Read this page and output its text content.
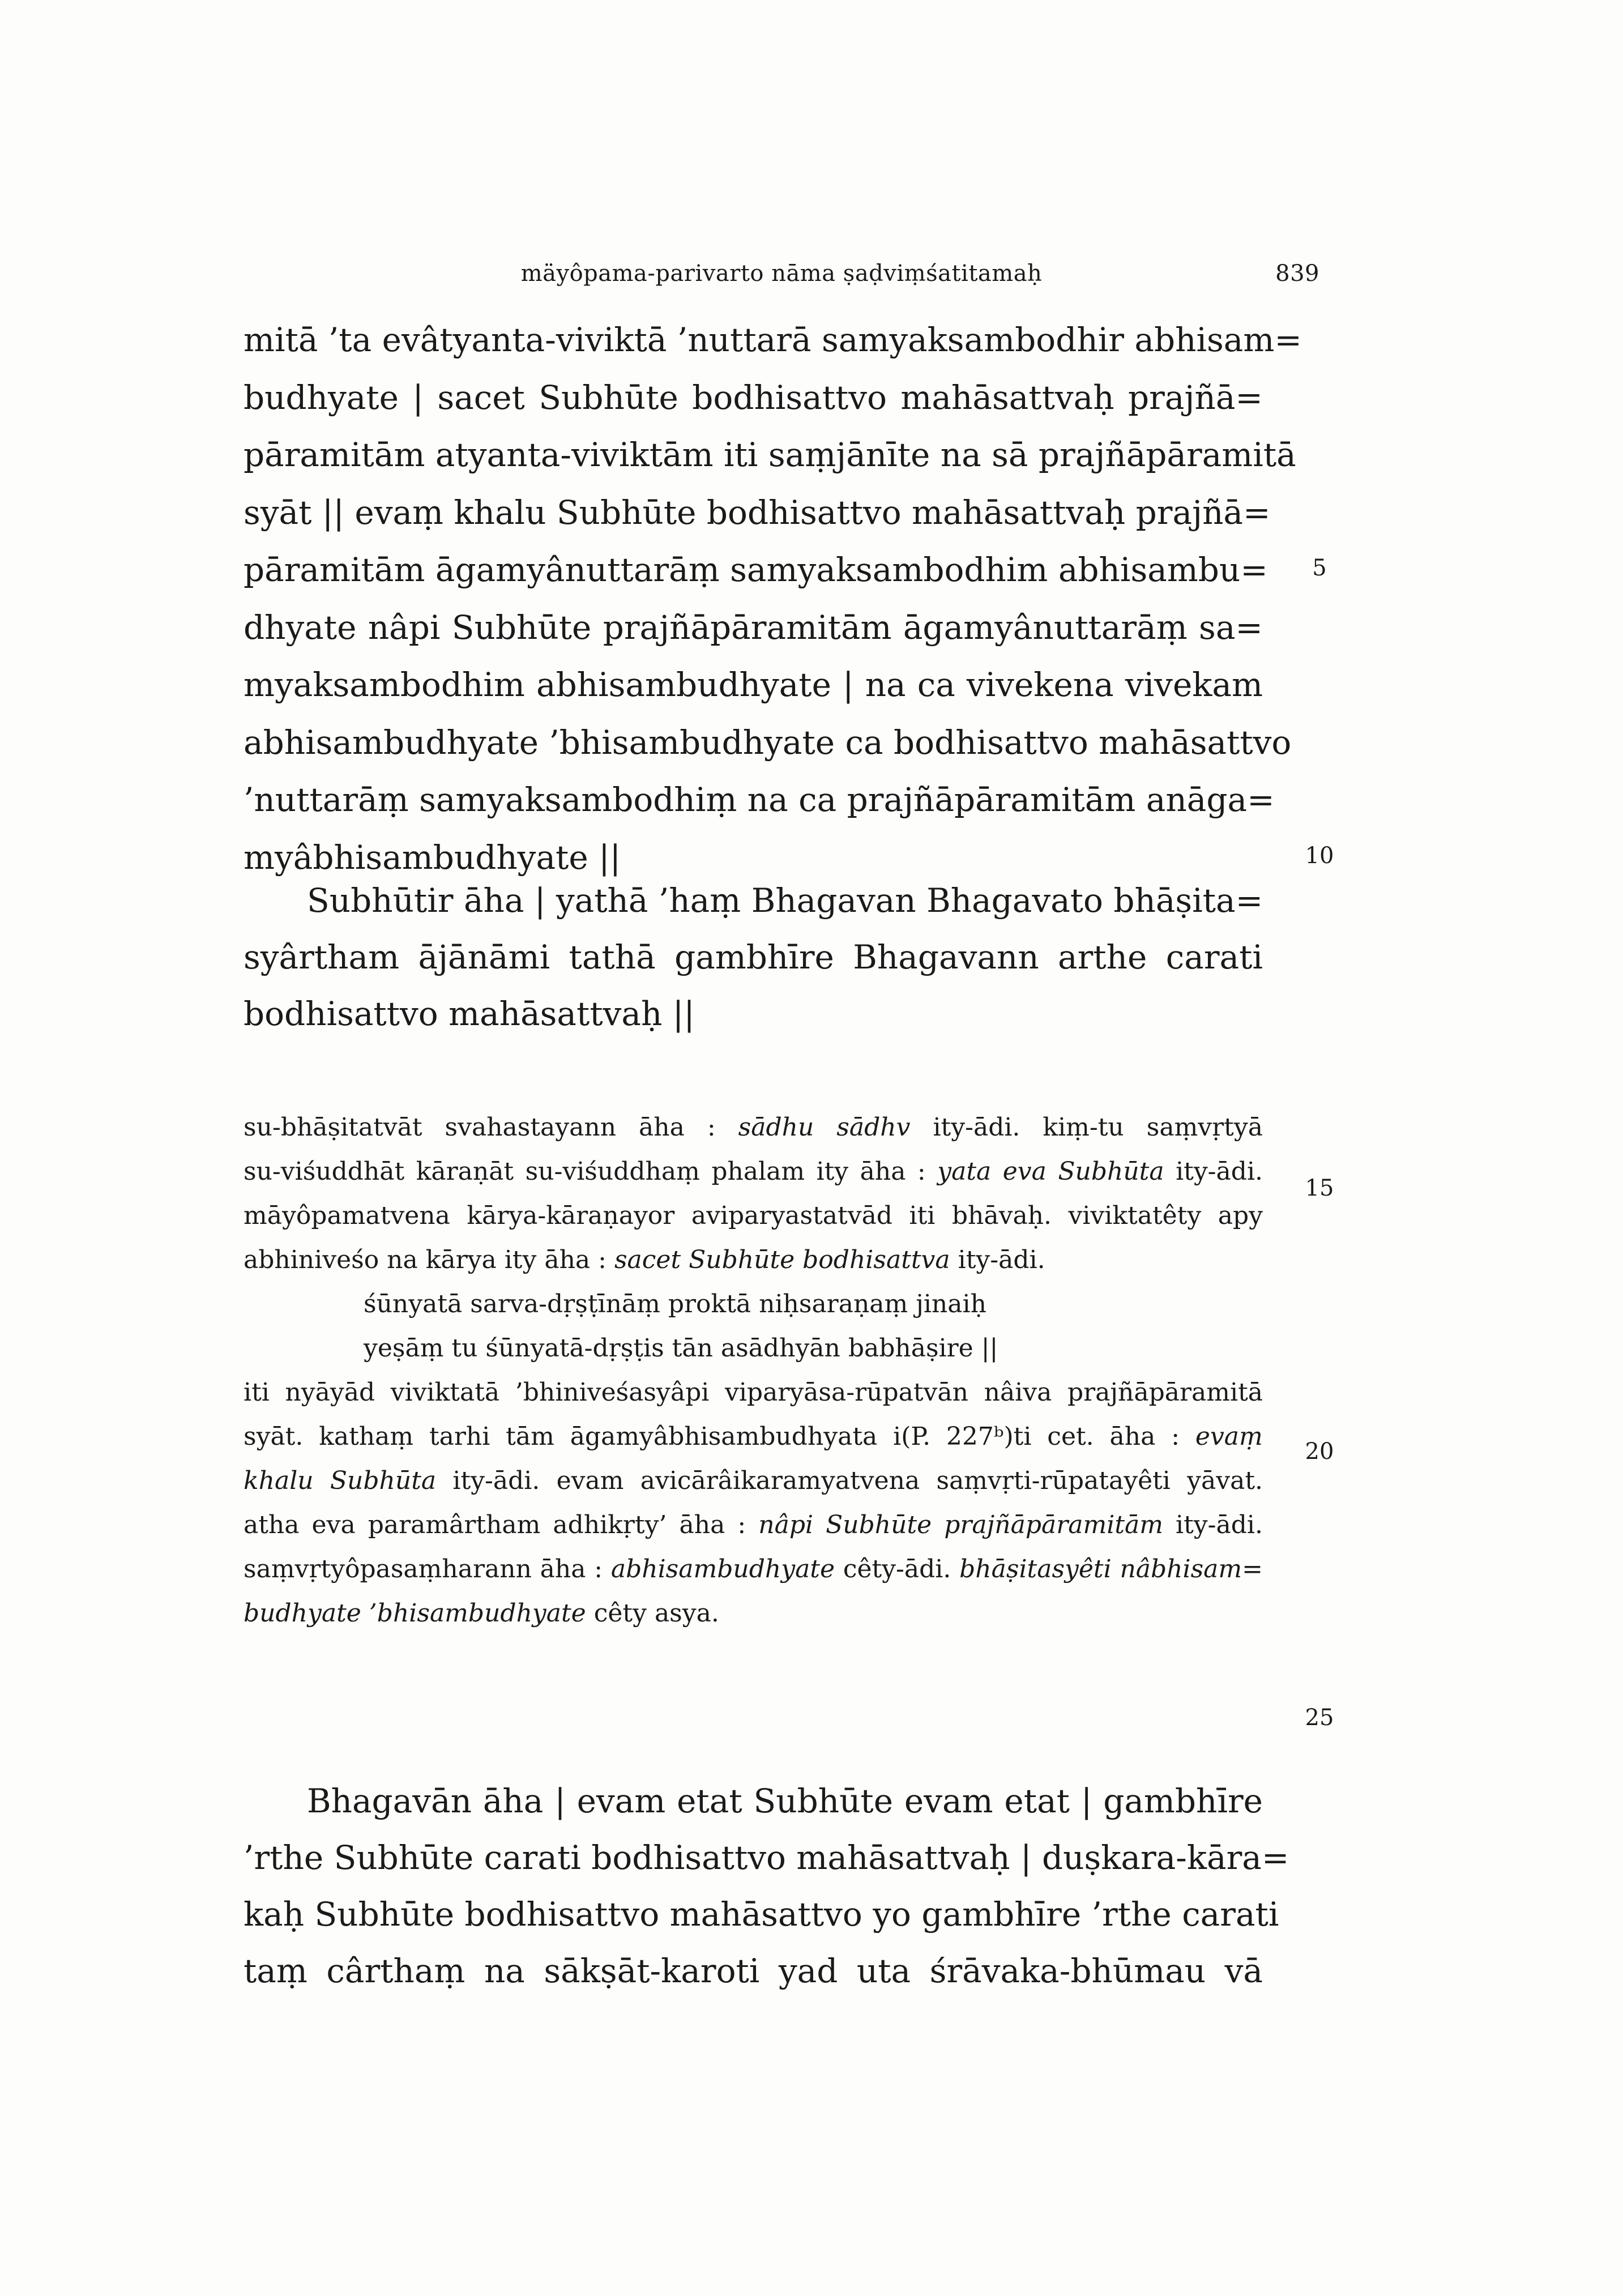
mäyôpama-parivarto nāma ṣaḍviṃśatitamaḥ	839
mitā ’ta evâtyanta-viviktā ’nuttarā samyaksambodhir abhisam=
budhyate | sacet Subhūte bodhisattvo mahāsattvaḥ prajñā=
pāramitām atyanta-viviktām iti saṃjānīte na sā prajñāpāramitā
syāt || evaṃ khalu Subhūte bodhisattvo mahāsattvaḥ prajñā=
pāramitām āgamyânuttarāṃ samyaksambodhim abhisambu=
dhyate nâpi Subhūte prajñāpāramitām āgamyânuttarāṃ sa=
myaksambodhim abhisambudhyate | na ca vivekena vivekam
abhisambudhyate ’bhisambudhyate ca bodhisattvo mahāsattvo
’nuttarāṃ samyaksambodhiṃ na ca prajñāpāramitām anāga=
myâbhisambudhyate ||
Subhūtir āha | yathā ’haṃ Bhagavan Bhagavato bhāṣita=
syârtham ājānāmi tathā gambhīre Bhagavann arthe carati
bodhisattvo mahāsattvaḥ ||
su-bhāṣitatvāt svahastayann āha : sādhu sādhv ity-ādi. kiṃ-tu saṃvṛtyā
su-viśuddhāt kāraṇāt su-viśuddhaṃ phalam ity āha : yata eva Subhūta ity-ādi.
māyôpamatvena kārya-kāraṇayor aviparyastatvād iti bhāvaḥ. viviktatêty apy
abhiniveśo na kārya ity āha : sacet Subhūte bodhisattva ity-ādi.
śūnyatā sarva-dṛṣṭīnāṃ proktā niḥsaraṇaṃ jinaiḥ
yeṣāṃ tu śūnyatā-dṛṣṭis tān asādhyān babhāṣire ||
iti nyāyād viviktatā ’bhiniveśasyâpi viparyāsa-rūpatvān nâiva prajñāpāramitā
syāt. kathaṃ tarhi tām āgamyâbhisambudhyata i(P. 227ᵇ)ti cet. āha : evaṃ
khalu Subhūta ity-ādi. evam avicārâikaramyatvena saṃvṛti-rūpatayêti yāvat.
atha eva paramârtham adhikṛty’ āha : nâpi Subhūte prajñāpāramitām ity-ādi.
saṃvṛtyôpasaṃharann āha : abhisambudhyate cêty-ādi. bhāṣitasyêti nâbhisam=
budhyate ’bhisambudhyate cêty asya.
Bhagavān āha | evam etat Subhūte evam etat | gambhīre
’rthe Subhūte carati bodhisattvo mahāsattvaḥ | duṣkara-kāra=
kaḥ Subhūte bodhisattvo mahāsattvo yo gambhīre ’rthe carati
taṃ cârthaṃ na sākṣāt-karoti yad uta śrāvaka-bhūmau vā
5
10
15
20
25
